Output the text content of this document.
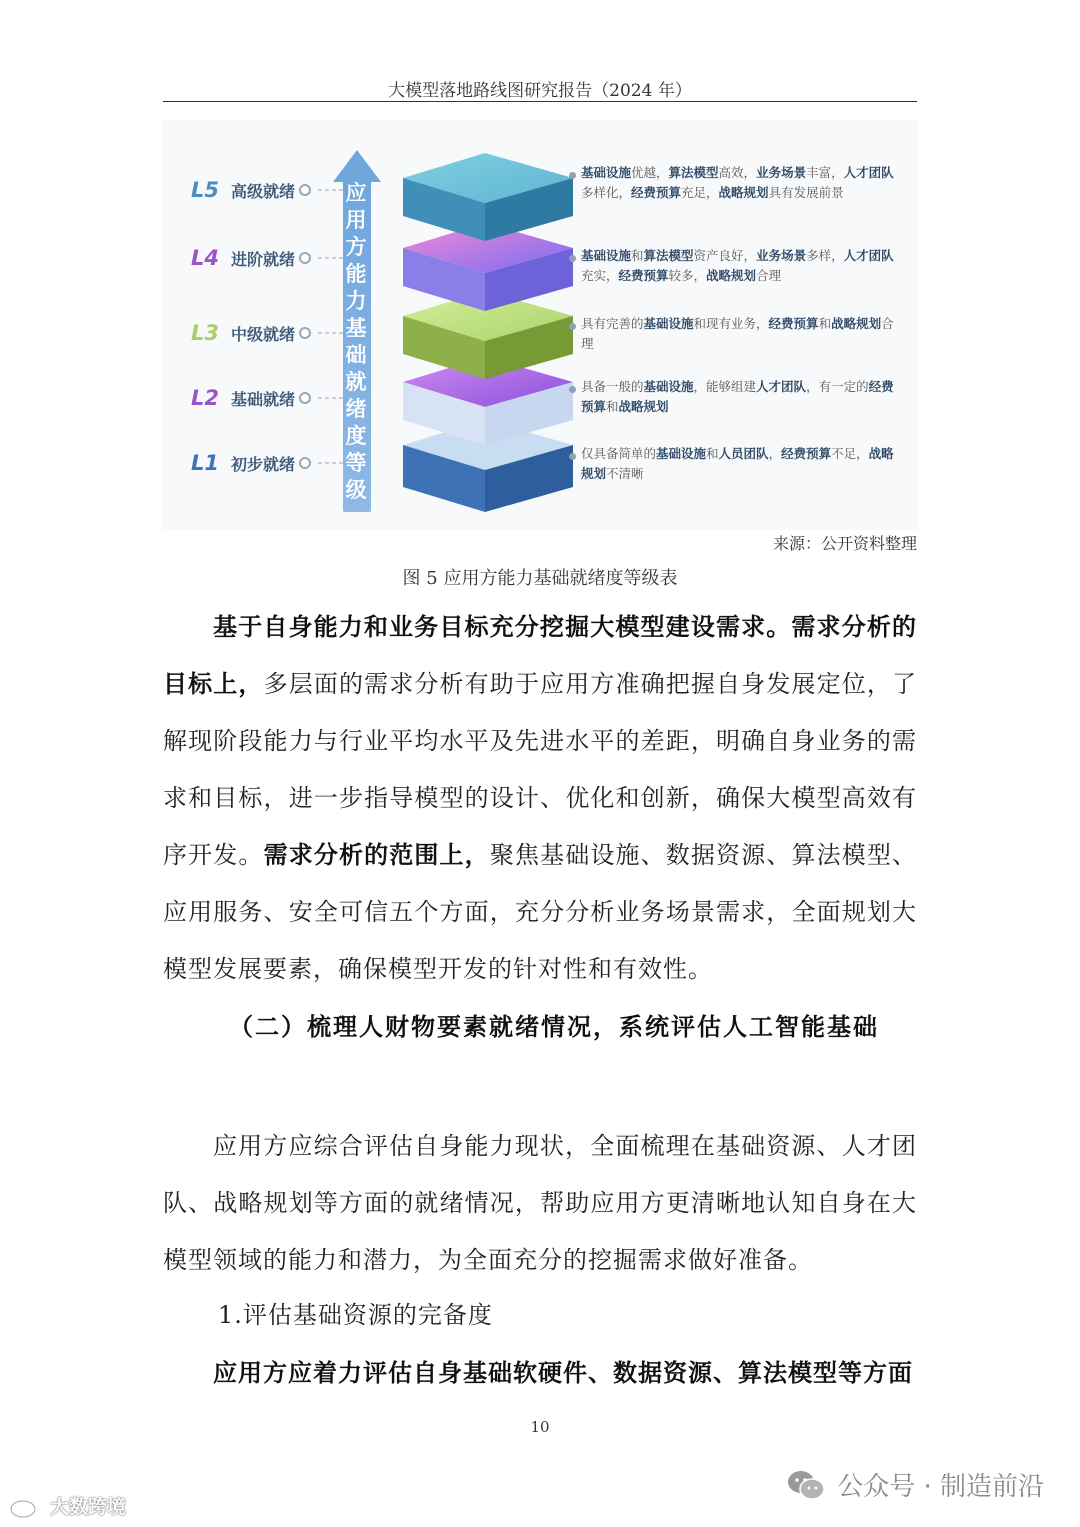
大模型落地路线图研究报告（2024 年）
应用方能力基础就绪度等级
L5 高级就绪
L4 进阶就绪
L3 中级就绪
L2 基础就绪
L1 初步就绪
基础设施优越，算法模型高效，业务场景丰富，人才团队多样化，经费预算充足，战略规划具有发展前景
基础设施和算法模型资产良好，业务场景多样，人才团队充实，经费预算较多，战略规划合理
具有完善的基础设施和现有业务，经费预算和战略规划合理
具备一般的基础设施，能够组建人才团队，有一定的经费预算和战略规划
仅具备简单的基础设施和人员团队，经费预算不足，战略规划不清晰
来源：公开资料整理
图 5 应用方能力基础就绪度等级表
基于自身能力和业务目标充分挖掘大模型建设需求。需求分析的目标上，多层面的需求分析有助于应用方准确把握自身发展定位，了解现阶段能力与行业平均水平及先进水平的差距，明确自身业务的需求和目标，进一步指导模型的设计、优化和创新，确保大模型高效有序开发。需求分析的范围上，聚焦基础设施、数据资源、算法模型、应用服务、安全可信五个方面，充分分析业务场景需求，全面规划大模型发展要素，确保模型开发的针对性和有效性。
（二）梳理人财物要素就绪情况，系统评估人工智能基础
应用方应综合评估自身能力现状，全面梳理在基础资源、人才团队、战略规划等方面的就绪情况，帮助应用方更清晰地认知自身在大模型领域的能力和潜力，为全面充分的挖掘需求做好准备。
1.评估基础资源的完备度
应用方应着力评估自身基础软硬件、数据资源、算法模型等方面
10
公众号 · 制造前沿
大数跨境
